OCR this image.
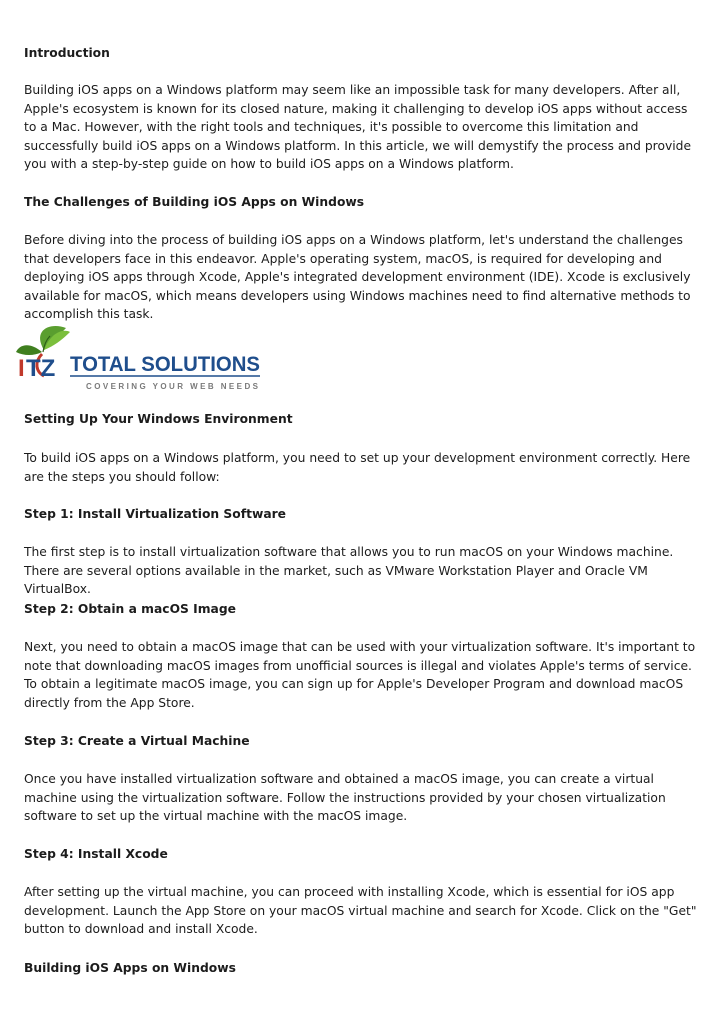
Introduction

Building iOS apps on a Windows platform may seem like an impossible task for many developers. After all, Apple's ecosystem is known for its closed nature, making it challenging to develop iOS apps without access to a Mac. However, with the right tools and techniques, it's possible to overcome this limitation and successfully build iOS apps on a Windows platform. In this article, we will demystify the process and provide you with a step-by-step guide on how to build iOS apps on a Windows platform.

The Challenges of Building iOS Apps on Windows

Before diving into the process of building iOS apps on a Windows platform, let's understand the challenges that developers face in this endeavor. Apple's operating system, macOS, is required for developing and deploying iOS apps through Xcode, Apple's integrated development environment (IDE). Xcode is exclusively available for macOS, which means developers using Windows machines need to find alternative methods to accomplish this task.

Setting Up Your Windows Environment

To build iOS apps on a Windows platform, you need to set up your development environment correctly. Here are the steps you should follow:

Step 1: Install Virtualization Software

The first step is to install virtualization software that allows you to run macOS on your Windows machine. There are several options available in the market, such as VMware Workstation Player and Oracle VM VirtualBox.

Step 2: Obtain a macOS Image

Next, you need to obtain a macOS image that can be used with your virtualization software. It's important to note that downloading macOS images from unofficial sources is illegal and violates Apple's terms of service. To obtain a legitimate macOS image, you can sign up for Apple's Developer Program and download macOS directly from the App Store.

Step 3: Create a Virtual Machine

Once you have installed virtualization software and obtained a macOS image, you can create a virtual machine using the virtualization software. Follow the instructions provided by your chosen virtualization software to set up the virtual machine with the macOS image.

Step 4: Install Xcode

After setting up the virtual machine, you can proceed with installing Xcode, which is essential for iOS app development. Launch the App Store on your macOS virtual machine and search for Xcode. Click on the "Get" button to download and install Xcode.

Building iOS Apps on Windows
I TZ TOTAL SOLUTIONS
COVERING YOUR WEB NEEDS
